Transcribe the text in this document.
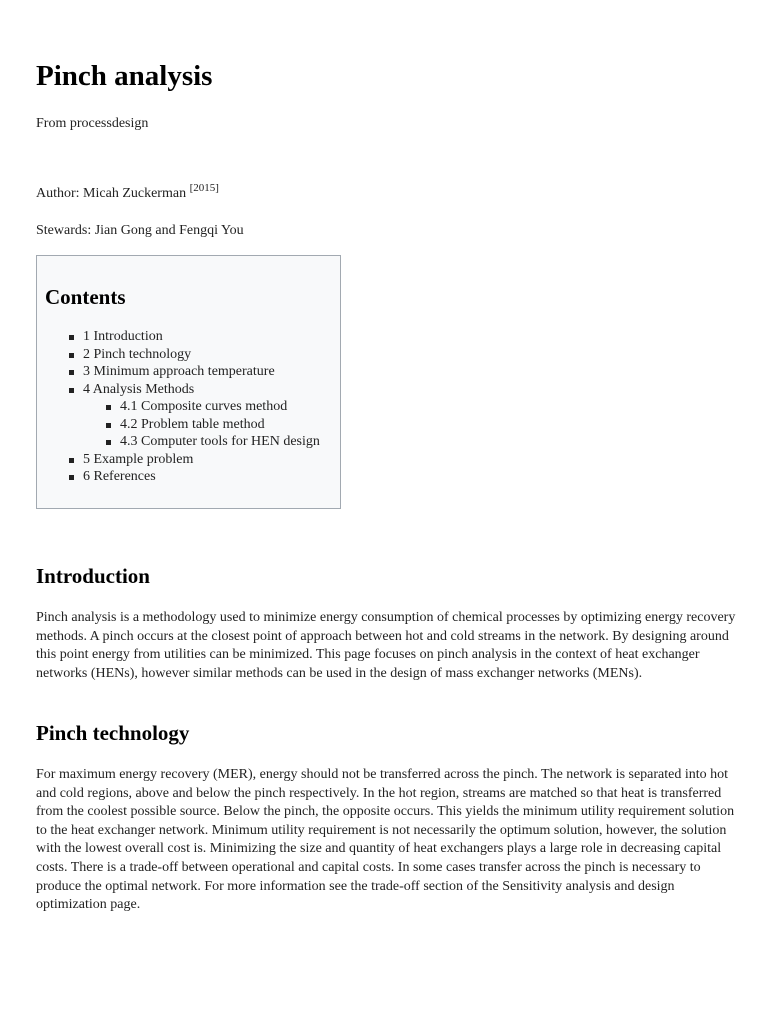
Pinch analysis
From processdesign
Author: Micah Zuckerman [2015]
Stewards: Jian Gong and Fengqi You
Contents
1 Introduction
2 Pinch technology
3 Minimum approach temperature
4 Analysis Methods
4.1 Composite curves method
4.2 Problem table method
4.3 Computer tools for HEN design
5 Example problem
6 References
Introduction

Pinch analysis is a methodology used to minimize energy consumption of chemical processes by optimizing energy recovery methods. A pinch occurs at the closest point of approach between hot and cold streams in the network. By designing around this point energy from utilities can be minimized. This page focuses on pinch analysis in the context of heat exchanger networks (HENs), however similar methods can be used in the design of mass exchanger networks (MENs).

Pinch technology

For maximum energy recovery (MER), energy should not be transferred across the pinch. The network is separated into hot and cold regions, above and below the pinch respectively. In the hot region, streams are matched so that heat is transferred from the coolest possible source. Below the pinch, the opposite occurs. This yields the minimum utility requirement solution to the heat exchanger network. Minimum utility requirement is not necessarily the optimum solution, however, the solution with the lowest overall cost is. Minimizing the size and quantity of heat exchangers plays a large role in decreasing capital costs. There is a trade-off between operational and capital costs. In some cases transfer across the pinch is necessary to produce the optimal network. For more information see the trade-off section of the Sensitivity analysis and design optimization page.
